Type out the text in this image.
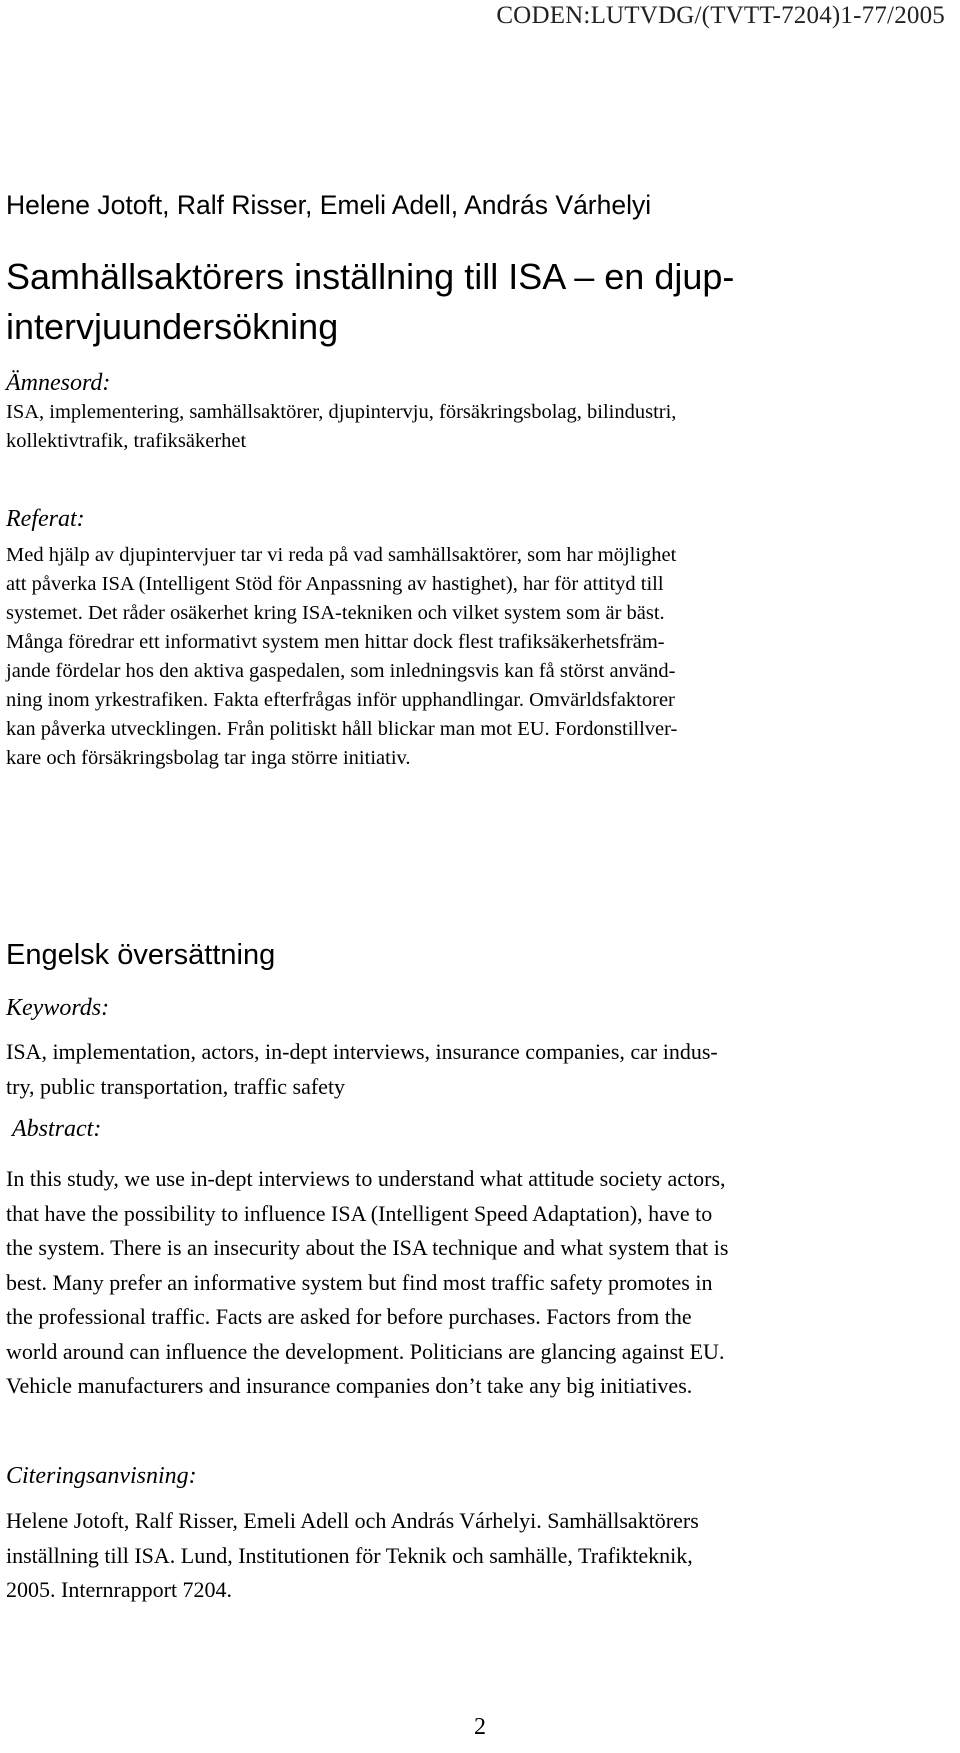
CODEN:LUTVDG/(TVTT-7204)1-77/2005
Helene Jotoft, Ralf Risser, Emeli Adell, András Várhelyi
Samhällsaktörers inställning till ISA – en djup-
intervjuundersökning
Ämnesord:
ISA, implementering, samhällsaktörer, djupintervju, försäkringsbolag, bilindustri,
kollektivtrafik, trafiksäkerhet
Referat:
Med hjälp av djupintervjuer tar vi reda på vad samhällsaktörer, som har möjlighet
att påverka ISA (Intelligent Stöd för Anpassning av hastighet), har för attityd till
systemet. Det råder osäkerhet kring ISA-tekniken och vilket system som är bäst.
Många föredrar ett informativt system men hittar dock flest trafiksäkerhetsfräm-
jande fördelar hos den aktiva gaspedalen, som inledningsvis kan få störst använd-
ning inom yrkestrafiken. Fakta efterfrågas inför upphandlingar. Omvärldsfaktorer
kan påverka utvecklingen. Från politiskt håll blickar man mot EU. Fordonstillver-
kare och försäkringsbolag tar inga större initiativ.
Engelsk översättning
Keywords:
ISA, implementation, actors, in-dept interviews, insurance companies, car indus-
try, public transportation, traffic safety
Abstract:
In this study, we use in-dept interviews to understand what attitude society actors,
that have the possibility to influence ISA (Intelligent Speed Adaptation), have to
the system. There is an insecurity about the ISA technique and what system that is
best. Many prefer an informative system but find most traffic safety promotes in
the professional traffic. Facts are asked for before purchases. Factors from the
world around can influence the development. Politicians are glancing against EU.
Vehicle manufacturers and insurance companies don’t take any big initiatives.
Citeringsanvisning:
Helene Jotoft, Ralf Risser, Emeli Adell och András Várhelyi. Samhällsaktörers
inställning till ISA. Lund, Institutionen för Teknik och samhälle, Trafikteknik,
2005. Internrapport 7204.
2
